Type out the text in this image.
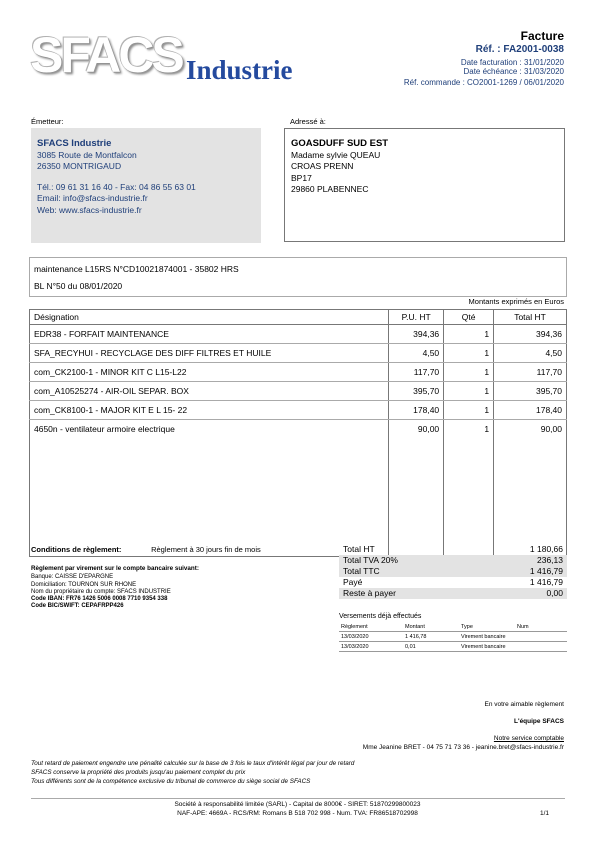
SFACS Industrie
Facture
Réf. : FA2001-0038
Date facturation : 31/01/2020
Date échéance : 31/03/2020
Réf. commande : CO2001-1269 / 06/01/2020
Émetteur:	Adressé à:
SFACS Industrie
3085 Route de Montfalcon
26350 MONTRIGAUD
Tél.: 09 61 31 16 40 - Fax: 04 86 55 63 01
Email: info@sfacs-industrie.fr
Web: www.sfacs-industrie.fr
GOASDUFF SUD EST
Madame sylvie QUEAU
CROAS PRENN
BP17
29860 PLABENNEC
maintenance L15RS N°CD10021874001 - 35802 HRS
BL N°50 du 08/01/2020
Montants exprimés en Euros
Désignation	P.U. HT	Qté	Total HT
EDR38 - FORFAIT MAINTENANCE	394,36	1	394,36
SFA_RECYHUI - RECYCLAGE DES DIFF FILTRES ET HUILE	4,50	1	4,50
com_CK2100-1 - MINOR KIT C L15-L22	117,70	1	117,70
com_A10525274 - AIR-OIL SEPAR. BOX	395,70	1	395,70
com_CK8100-1 - MAJOR KIT E L 15- 22	178,40	1	178,40
4650n - ventilateur armoire electrique	90,00	1	90,00

Conditions de règlement:	Règlement à 30 jours fin de mois
Règlement par virement sur le compte bancaire suivant:
Banque: CAISSE D'EPARGNE
Domiciliation: TOURNON SUR RHONE
Nom du propriétaire du compte: SFACS INDUSTRIE
Code IBAN: FR76 1426 5006 0008 7710 9354 338
Code BIC/SWIFT: CEPAFRPP426
Total HT	1 180,66
Total TVA 20%	236,13
Total TTC	1 416,79
Payé	1 416,79
Reste à payer	0,00
Versements déjà effectués
Règlement	Montant	Type	Num
13/03/2020	1 416,78	Virement bancaire	
13/03/2020	0,01	Virement bancaire	
En votre aimable règlement
L'équipe SFACS
Notre service comptable
Mme Jeanine BRET - 04 75 71 73 36 - jeanine.bret@sfacs-industrie.fr
Tout retard de paiement engendre une pénalité calculée sur la base de 3 fois le taux d'intérêt légal par jour de retard
SFACS conserve la propriété des produits jusqu'au paiement complet du prix
Tous différents sont de la compétence exclusive du tribunal de commerce du siège social de SFACS
Société à responsabilité limitée (SARL) - Capital de 8000€ - SIRET: 51870299800023
NAF-APE: 4669A - RCS/RM: Romans B 518 702 998 - Num. TVA: FR86518702998	1/1
